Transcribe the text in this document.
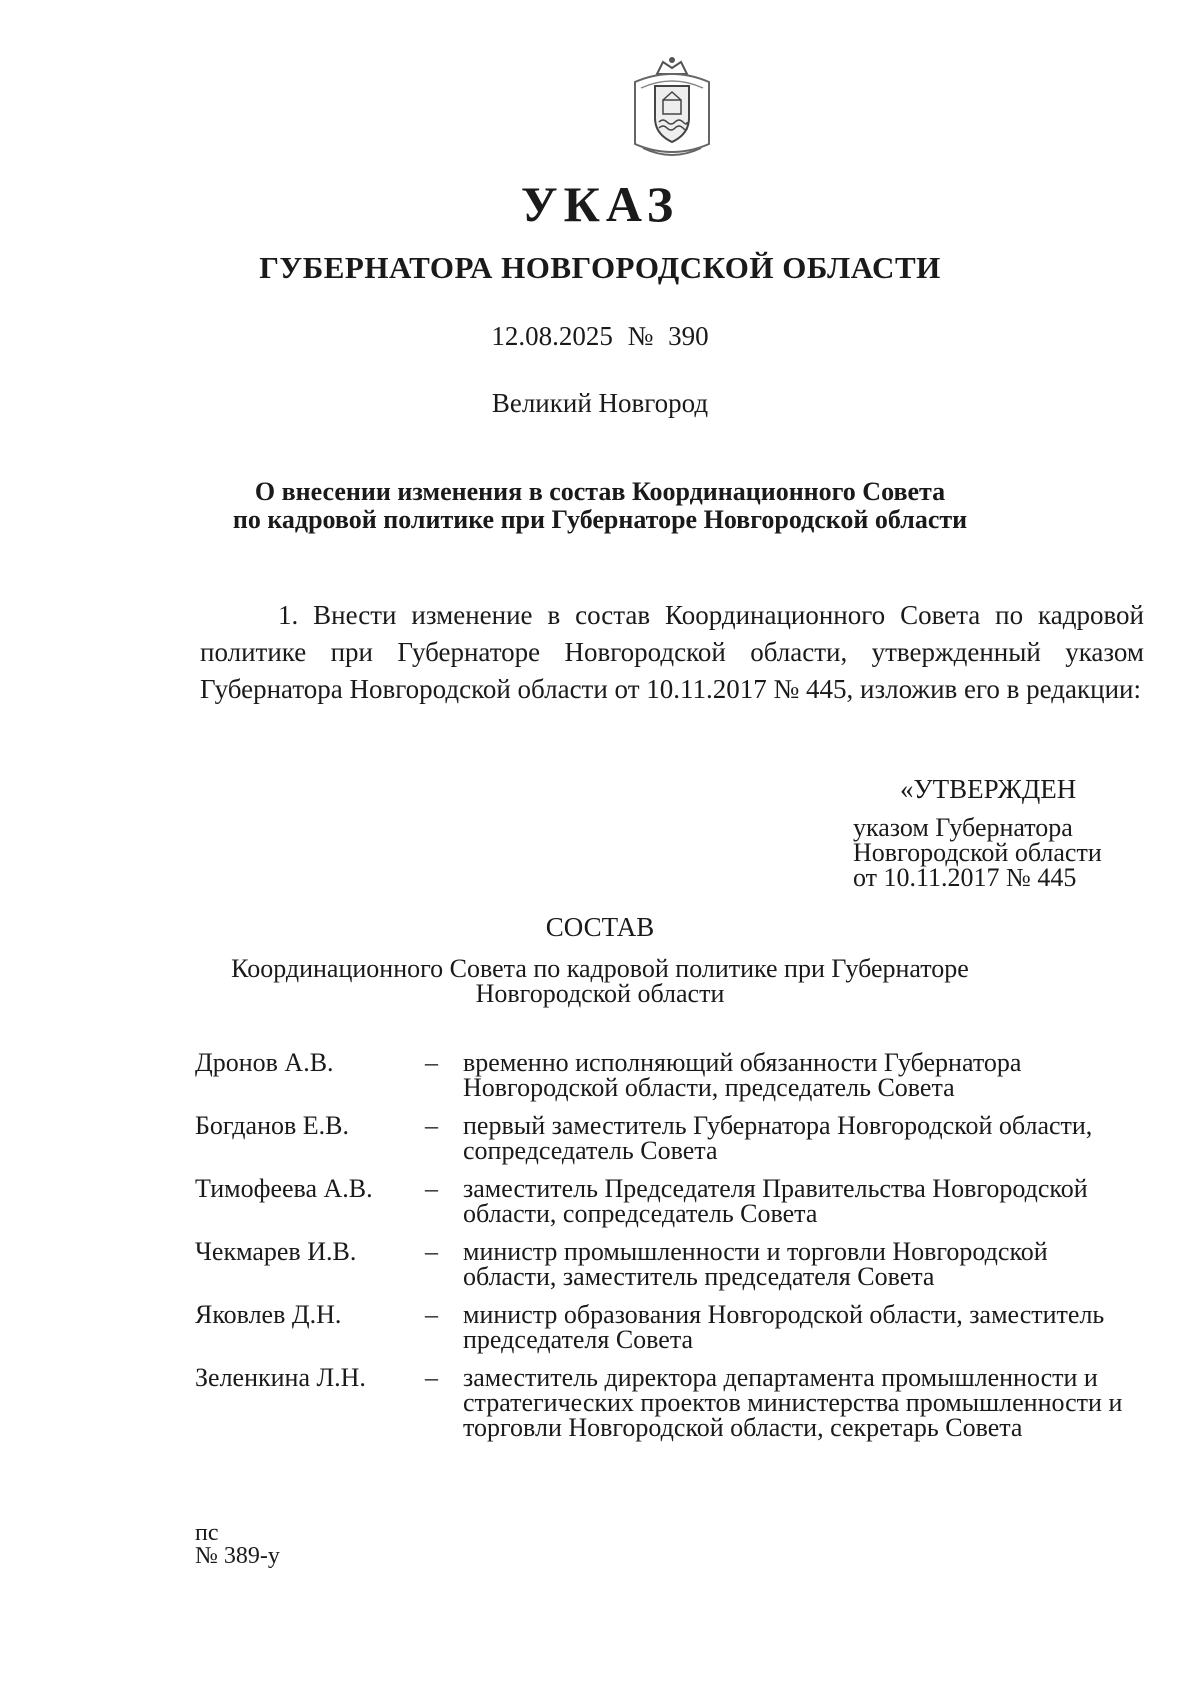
УКАЗ
ГУБЕРНАТОРА НОВГОРОДСКОЙ ОБЛАСТИ
12.08.2025 № 390
Великий Новгород
О внесении изменения в состав Координационного Совета
по кадровой политике при Губернаторе Новгородской области
1. Внести изменение в состав Координационного Совета по кадровой политике при Губернаторе Новгородской области, утвержденный указом Губернатора Новгородской области от 10.11.2017 № 445, изложив его в редакции:
«УТВЕРЖДЕН
указом Губернатора
Новгородской области
от 10.11.2017 № 445
СОСТАВ
Координационного Совета по кадровой политике при Губернаторе
Новгородской области
Дронов А.В.	– временно исполняющий обязанности Губернатора Новгородской области, председатель Совета
Богданов Е.В.	– первый заместитель Губернатора Новгородской области, сопредседатель Совета
Тимофеева А.В.	– заместитель Председателя Правительства Новгородской области, сопредседатель Совета
Чекмарев И.В.	– министр промышленности и торговли Новгородской области, заместитель председателя Совета
Яковлев Д.Н.	– министр образования Новгородской области, заместитель председателя Совета
Зеленкина Л.Н.	– заместитель директора департамента промышленности и стратегических проектов министерства промышленности и торговли Новгородской области, секретарь Совета
пс
№ 389-у
